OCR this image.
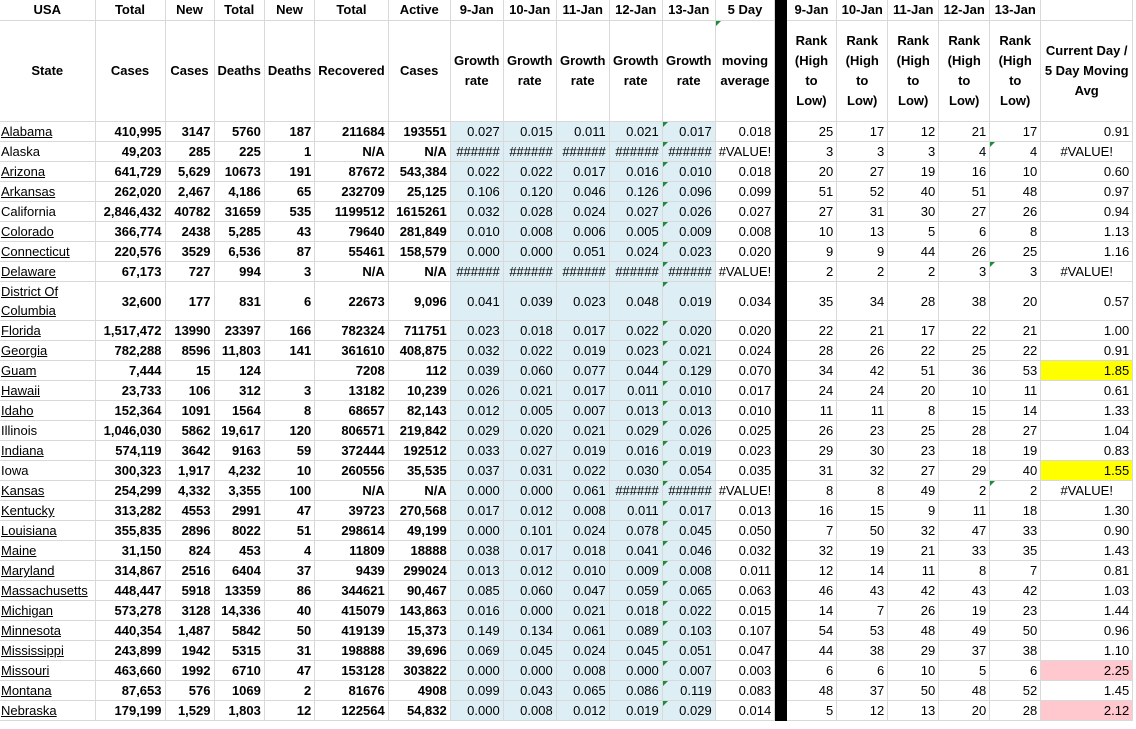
USA	Total	New	Total	New	Total	Active	9-Jan	10-Jan	11-Jan	12-Jan	13-Jan	5 Day		9-Jan	10-Jan	11-Jan	12-Jan	13-Jan	
State	Cases	Cases	Deaths	Deaths	Recovered	Cases	Growth rate	Growth rate	Growth rate	Growth rate	Growth rate	moving average		Rank (High to Low)	Rank (High to Low)	Rank (High to Low)	Rank (High to Low)	Rank (High to Low)	Current Day / 5 Day Moving Avg
Alabama	410,995	3147	5760	187	211684	193551	0.027	0.015	0.011	0.021	0.017	0.018		25	17	12	21	17	0.91
Alaska	49,203	285	225	1	N/A	N/A	######	######	######	######	######	#VALUE!		3	3	3	4	4	#VALUE!
Arizona	641,729	5,629	10673	191	87672	543,384	0.022	0.022	0.017	0.016	0.010	0.018		20	27	19	16	10	0.60
Arkansas	262,020	2,467	4,186	65	232709	25,125	0.106	0.120	0.046	0.126	0.096	0.099		51	52	40	51	48	0.97
California	2,846,432	40782	31659	535	1199512	1615261	0.032	0.028	0.024	0.027	0.026	0.027		27	31	30	27	26	0.94
Colorado	366,774	2438	5,285	43	79640	281,849	0.010	0.008	0.006	0.005	0.009	0.008		10	13	5	6	8	1.13
Connecticut	220,576	3529	6,536	87	55461	158,579	0.000	0.000	0.051	0.024	0.023	0.020		9	9	44	26	25	1.16
Delaware	67,173	727	994	3	N/A	N/A	######	######	######	######	######	#VALUE!		2	2	2	3	3	#VALUE!
District Of Columbia	32,600	177	831	6	22673	9,096	0.041	0.039	0.023	0.048	0.019	0.034		35	34	28	38	20	0.57
Florida	1,517,472	13990	23397	166	782324	711751	0.023	0.018	0.017	0.022	0.020	0.020		22	21	17	22	21	1.00
Georgia	782,288	8596	11,803	141	361610	408,875	0.032	0.022	0.019	0.023	0.021	0.024		28	26	22	25	22	0.91
Guam	7,444	15	124		7208	112	0.039	0.060	0.077	0.044	0.129	0.070		34	42	51	36	53	1.85
Hawaii	23,733	106	312	3	13182	10,239	0.026	0.021	0.017	0.011	0.010	0.017		24	24	20	10	11	0.61
Idaho	152,364	1091	1564	8	68657	82,143	0.012	0.005	0.007	0.013	0.013	0.010		11	11	8	15	14	1.33
Illinois	1,046,030	5862	19,617	120	806571	219,842	0.029	0.020	0.021	0.029	0.026	0.025		26	23	25	28	27	1.04
Indiana	574,119	3642	9163	59	372444	192512	0.033	0.027	0.019	0.016	0.019	0.023		29	30	23	18	19	0.83
Iowa	300,323	1,917	4,232	10	260556	35,535	0.037	0.031	0.022	0.030	0.054	0.035		31	32	27	29	40	1.55
Kansas	254,299	4,332	3,355	100	N/A	N/A	0.000	0.000	0.061	######	######	#VALUE!		8	8	49	2	2	#VALUE!
Kentucky	313,282	4553	2991	47	39723	270,568	0.017	0.012	0.008	0.011	0.017	0.013		16	15	9	11	18	1.30
Louisiana	355,835	2896	8022	51	298614	49,199	0.000	0.101	0.024	0.078	0.045	0.050		7	50	32	47	33	0.90
Maine	31,150	824	453	4	11809	18888	0.038	0.017	0.018	0.041	0.046	0.032		32	19	21	33	35	1.43
Maryland	314,867	2516	6404	37	9439	299024	0.013	0.012	0.010	0.009	0.008	0.011		12	14	11	8	7	0.81
Massachusetts	448,447	5918	13359	86	344621	90,467	0.085	0.060	0.047	0.059	0.065	0.063		46	43	42	43	42	1.03
Michigan	573,278	3128	14,336	40	415079	143,863	0.016	0.000	0.021	0.018	0.022	0.015		14	7	26	19	23	1.44
Minnesota	440,354	1,487	5842	50	419139	15,373	0.149	0.134	0.061	0.089	0.103	0.107		54	53	48	49	50	0.96
Mississippi	243,899	1942	5315	31	198888	39,696	0.069	0.045	0.024	0.045	0.051	0.047		44	38	29	37	38	1.10
Missouri	463,660	1992	6710	47	153128	303822	0.000	0.000	0.008	0.000	0.007	0.003		6	6	10	5	6	2.25
Montana	87,653	576	1069	2	81676	4908	0.099	0.043	0.065	0.086	0.119	0.083		48	37	50	48	52	1.45
Nebraska	179,199	1,529	1,803	12	122564	54,832	0.000	0.008	0.012	0.019	0.029	0.014		5	12	13	20	28	2.12
